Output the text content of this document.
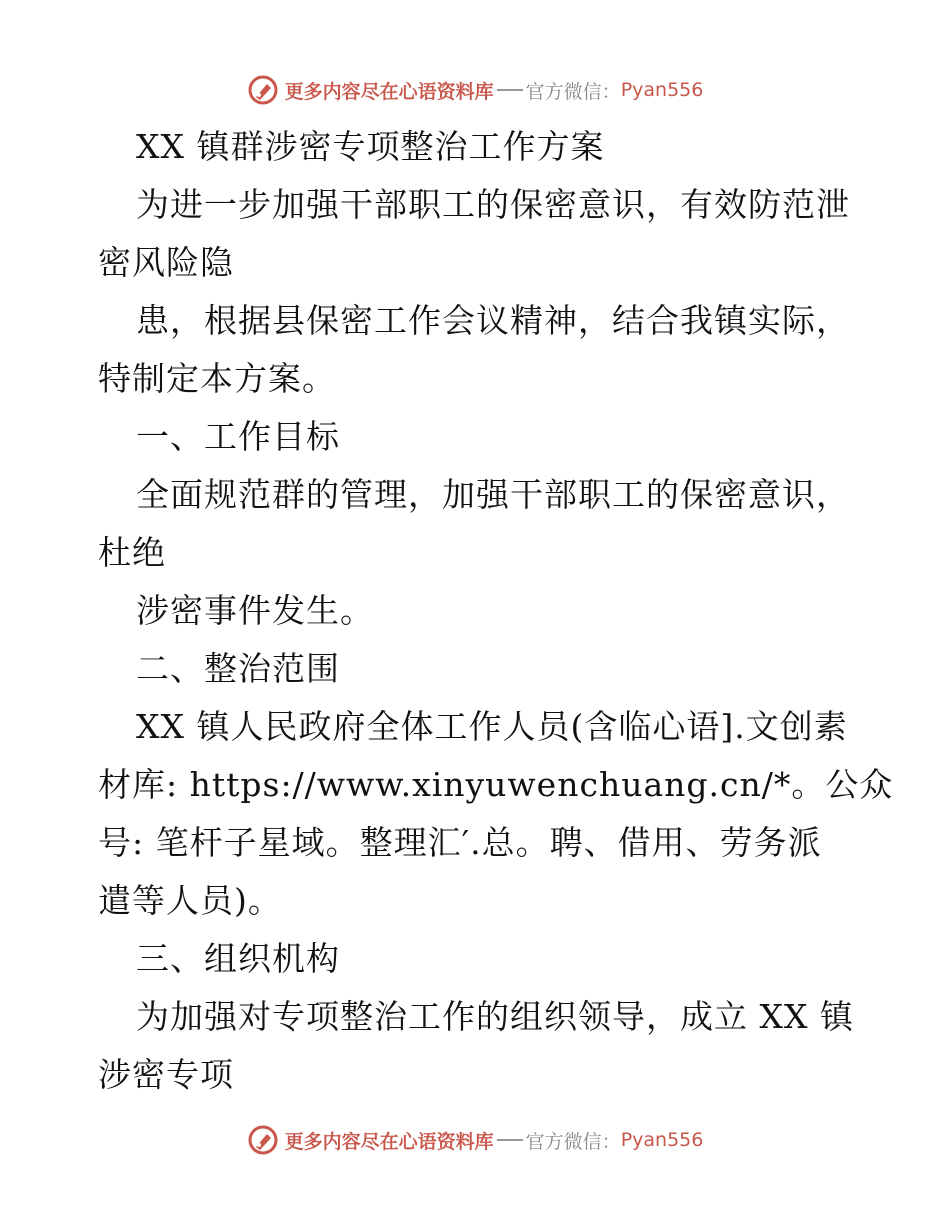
更多内容尽在心语资料库 官方微信： Pyan556
XX 镇群涉密专项整治工作方案
为进一步加强干部职工的保密意识，有效防范泄
密风险隐
患，根据县保密工作会议精神，结合我镇实际，
特制定本方案。
一、工作目标
全面规范群的管理，加强干部职工的保密意识，
杜绝
涉密事件发生。
二、整治范围
XX 镇人民政府全体工作人员(含临心语].文创素
材库: https://www.xinyuwenchuang.cn/*。公众
号: 笔杆子星域。整理汇′.总。聘、借用、劳务派
遣等人员)。
三、组织机构
为加强对专项整治工作的组织领导，成立 XX 镇
涉密专项
更多内容尽在心语资料库 官方微信： Pyan556
